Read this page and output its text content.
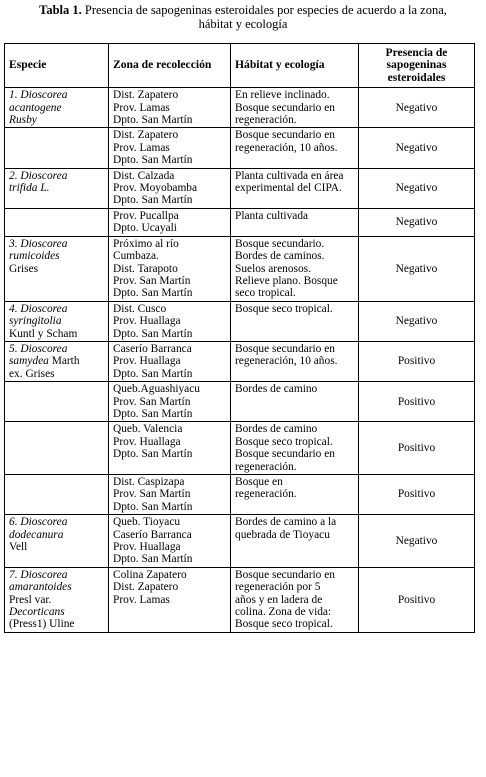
Tabla 1. Presencia de sapogeninas esteroidales por especies de acuerdo a la zona,
hábitat y ecología
Especie	Zona de recolección	Hábitat y ecología	Presencia de
sapogeninas
esteroidales

1. Dioscorea
acantogene
Rusby	Dist. Zapatero
Prov. Lamas
Dpto. San Martín	En relieve inclinado.
Bosque secundario en
regeneración.	Negativo

	Dist. Zapatero
Prov. Lamas
Dpto. San Martín	Bosque secundario en
regeneración, 10 años.	Negativo

2. Dioscorea
trifida L.	Dist. Calzada
Prov. Moyobamba
Dpto. San Martín	Planta cultivada en área
experimental del CIPA.	Negativo

	Prov. Pucallpa
Dpto. Ucayali	Planta cultivada	Negativo

3. Dioscorea
rumicoides
Grises	Próximo al río
Cumbaza.
Dist. Tarapoto
Prov. San Martín
Dpto. San Martín	Bosque secundario.
Bordes de caminos.
Suelos arenosos.
Relieve plano. Bosque
seco tropical.	Negativo

4. Dioscorea
syringitolia
Kuntl y Scham	Dist. Cusco
Prov. Huallaga
Dpto. San Martín	Bosque seco tropical.	Negativo

5. Dioscorea
samydea Marth
ex. Grises	Caserío Barranca
Prov. Huallaga
Dpto. San Martín	Bosque secundario en
regeneración, 10 años.	Positivo

	Queb.Aguashiyacu
Prov. San Martín
Dpto. San Martín	Bordes de camino	Positivo

	Queb. Valencia
Prov. Huallaga
Dpto. San Martín	Bordes de camino
Bosque seco tropical.
Bosque secundario en
regeneración.	Positivo

	Dist. Caspizapa
Prov. San Martín
Dpto. San Martín	Bosque en
regeneración.	Positivo

6. Dioscorea
dodecanura
Vell	Queb. Tioyacu
Caserío Barranca
Prov. Huallaga
Dpto. San Martín	Bordes de camino a la
quebrada de Tioyacu	Negativo

7. Dioscorea
amarantoides
Presl var.
Decorticans
(Press1) Uline	Colina Zapatero
Dist. Zapatero
Prov. Lamas	Bosque secundario en
regeneración por 5
años y en ladera de
colina. Zona de vida:
Bosque seco tropical.	Positivo
